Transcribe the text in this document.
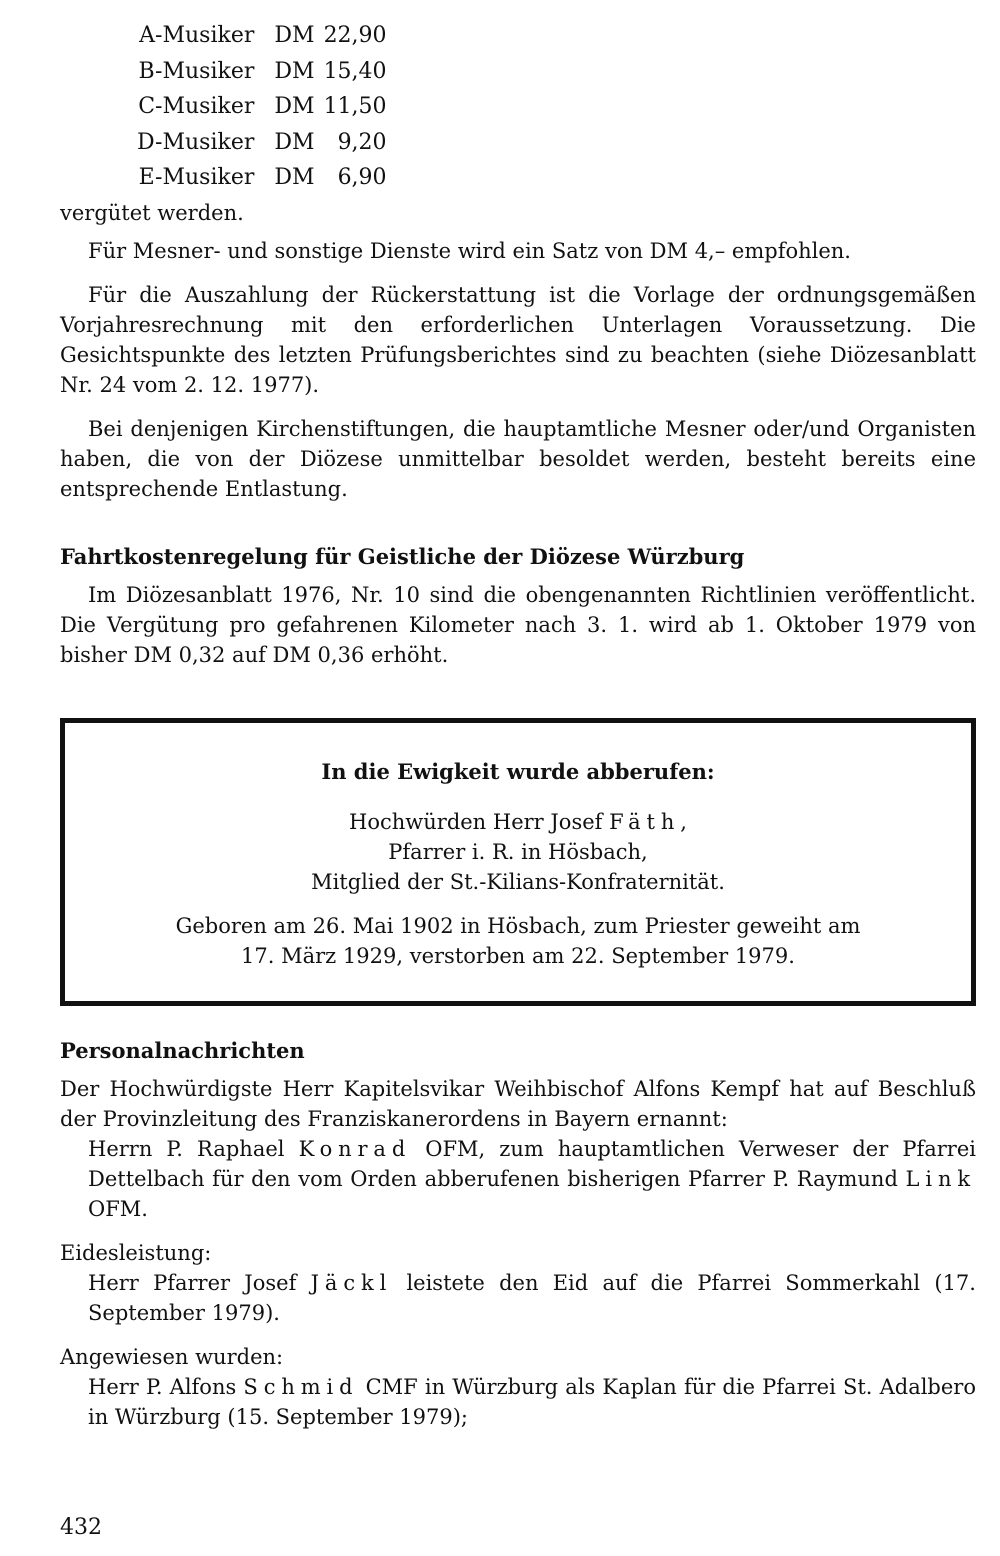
A-Musiker	DM	22,90
B-Musiker	DM	15,40
C-Musiker	DM	11,50
D-Musiker	DM	9,20
E-Musiker	DM	6,90

vergütet werden.

Für Mesner- und sonstige Dienste wird ein Satz von DM 4,– empfohlen.

Für die Auszahlung der Rückerstattung ist die Vorlage der ordnungsgemäßen Vorjahresrechnung mit den erforderlichen Unterlagen Voraussetzung. Die Gesichtspunkte des letzten Prüfungsberichtes sind zu beachten (siehe Diözesanblatt Nr. 24 vom 2. 12. 1977).

Bei denjenigen Kirchenstiftungen, die hauptamtliche Mesner oder/und Organisten haben, die von der Diözese unmittelbar besoldet werden, besteht bereits eine entsprechende Entlastung.

Fahrtkostenregelung für Geistliche der Diözese Würzburg

Im Diözesanblatt 1976, Nr. 10 sind die obengenannten Richtlinien veröffentlicht. Die Vergütung pro gefahrenen Kilometer nach 3. 1. wird ab 1. Oktober 1979 von bisher DM 0,32 auf DM 0,36 erhöht.

In die Ewigkeit wurde abberufen:

Hochwürden Herr Josef Fäth,

Pfarrer i. R. in Hösbach,

Mitglied der St.-Kilians-Konfraternität.

Geboren am 26. Mai 1902 in Hösbach, zum Priester geweiht am

17. März 1929, verstorben am 22. September 1979.

Personalnachrichten

Der Hochwürdigste Herr Kapitelsvikar Weihbischof Alfons Kempf hat auf Beschluß der Provinzleitung des Franziskanerordens in Bayern ernannt:

Herrn P. Raphael Konrad OFM, zum hauptamtlichen Verweser der Pfarrei Dettelbach für den vom Orden abberufenen bisherigen Pfarrer P. Raymund Link OFM.

Eidesleistung:

Herr Pfarrer Josef Jäckl leistete den Eid auf die Pfarrei Sommerkahl (17. September 1979).

Angewiesen wurden:

Herr P. Alfons Schmid CMF in Würzburg als Kaplan für die Pfarrei St. Adalbero in Würzburg (15. September 1979);

432
